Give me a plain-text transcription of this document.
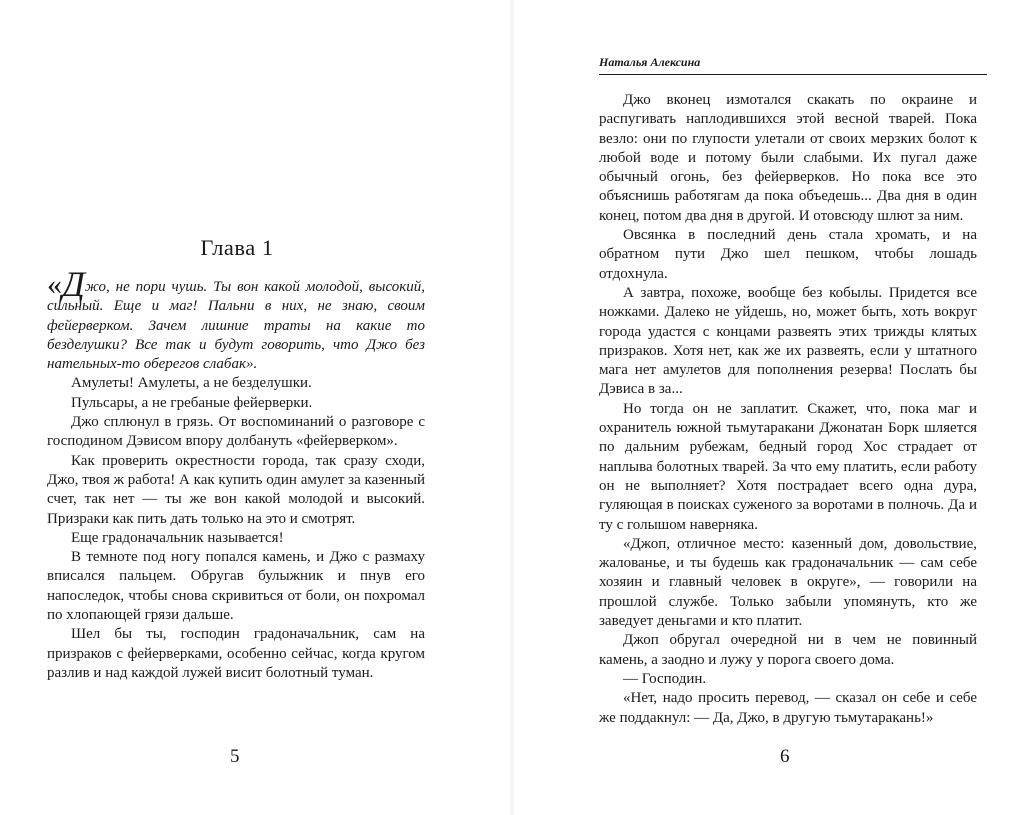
Глава 1

«Джо, не пори чушь. Ты вон какой молодой, высокий, сильный. Еще и маг! Пальни в них, не знаю, своим фейерверком. Зачем лишние траты на какие то безделушки? Все так и будут говорить, что Джо без нательных-то оберегов слабак».

Амулеты! Амулеты, а не безделушки.

Пульсары, а не гребаные фейерверки.

Джо сплюнул в грязь. От воспоминаний о разговоре с господином Дэвисом впору долбануть «фейерверком».

Как проверить окрестности города, так сразу сходи, Джо, твоя ж работа! А как купить один амулет за казенный счет, так нет — ты же вон какой молодой и высокий. Призраки как пить дать только на это и смотрят.

Еще градоначальник называется!

В темноте под ногу попался камень, и Джо с размаху вписался пальцем. Обругав булыжник и пнув его напоследок, чтобы снова скривиться от боли, он похромал по хлопающей грязи дальше.

Шел бы ты, господин градоначальник, сам на призраков с фейерверками, особенно сейчас, когда кругом разлив и над каждой лужей висит болотный туман.

5
Наталья Алексина

Джо вконец измотался скакать по окраине и распугивать наплодившихся этой весной тварей. Пока везло: они по глупости улетали от своих мерзких болот к любой воде и потому были слабыми. Их пугал даже обычный огонь, без фейерверков. Но пока все это объяснишь работягам да пока объедешь... Два дня в один конец, потом два дня в другой. И отовсюду шлют за ним.

Овсянка в последний день стала хромать, и на обратном пути Джо шел пешком, чтобы лошадь отдохнула.

А завтра, похоже, вообще без кобылы. Придется все ножками. Далеко не уйдешь, но, может быть, хоть вокруг города удастся с концами развеять этих трижды клятых призраков. Хотя нет, как же их развеять, если у штатного мага нет амулетов для пополнения резерва! Послать бы Дэвиса в за...

Но тогда он не заплатит. Скажет, что, пока маг и охранитель южной тьмутаракани Джонатан Борк шляется по дальним рубежам, бедный город Хос страдает от наплыва болотных тварей. За что ему платить, если работу он не выполняет? Хотя пострадает всего одна дура, гуляющая в поисках суженого за воротами в полночь. Да и ту с голышом наверняка.

«Джоп, отличное место: казенный дом, довольствие, жалованье, и ты будешь как градоначальник — сам себе хозяин и главный человек в округе», — говорили на прошлой службе. Только забыли упомянуть, кто же заведует деньгами и кто платит.

Джоп обругал очередной ни в чем не повинный камень, а заодно и лужу у порога своего дома.

— Господин.

«Нет, надо просить перевод, — сказал он себе и себе же поддакнул: — Да, Джо, в другую тьмутаракань!»

6
